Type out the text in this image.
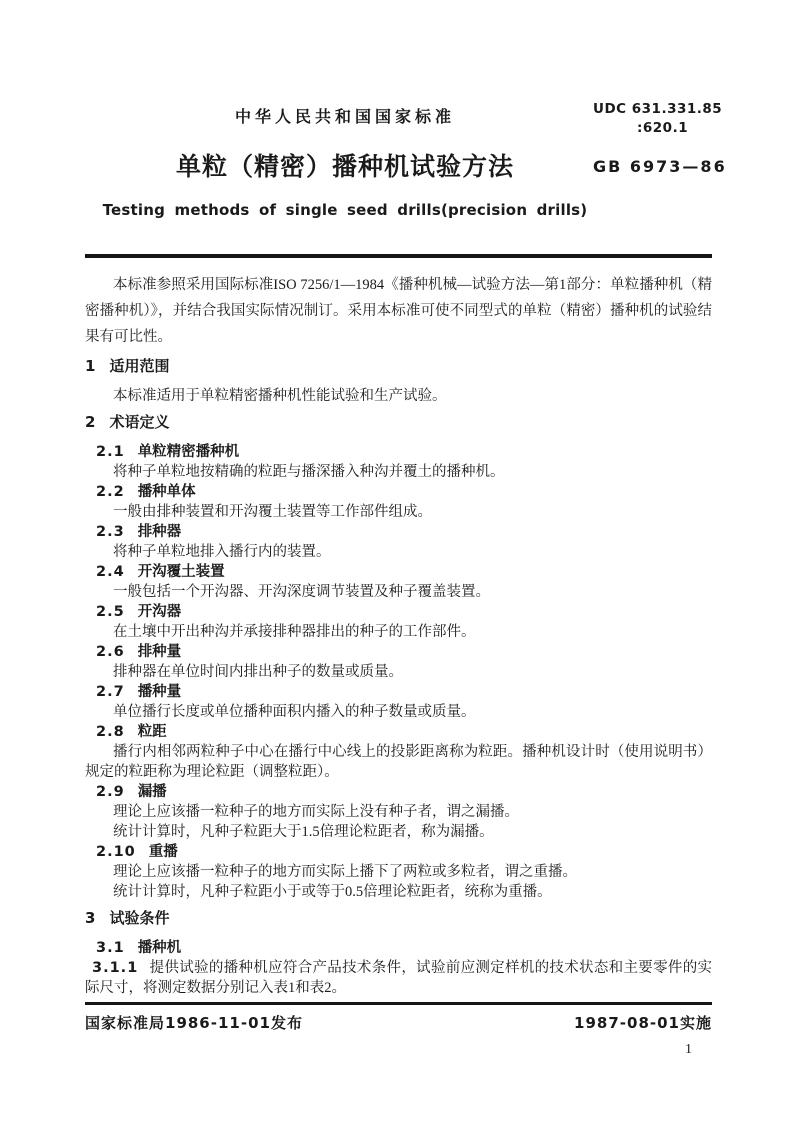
中华人民共和国国家标准	UDC 631.331.85
:620.1
单粒（精密）播种机试验方法	GB 6973—86
Testing methods of single seed drills(precision drills)

本标准参照采用国际标准ISO 7256/1—1984《播种机械—试验方法—第1部分：单粒播种机（精密播种机）》，并结合我国实际情况制订。采用本标准可使不同型式的单粒（精密）播种机的试验结果有可比性。

1 适用范围

本标准适用于单粒精密播种机性能试验和生产试验。

2 术语定义
2.1 单粒精密播种机

将种子单粒地按精确的粒距与播深播入种沟并覆土的播种机。

2.2 播种单体

一般由排种装置和开沟覆土装置等工作部件组成。

2.3 排种器

将种子单粒地排入播行内的装置。

2.4 开沟覆土装置

一般包括一个开沟器、开沟深度调节装置及种子覆盖装置。

2.5 开沟器

在土壤中开出种沟并承接排种器排出的种子的工作部件。

2.6 排种量

排种器在单位时间内排出种子的数量或质量。

2.7 播种量

单位播行长度或单位播种面积内播入的种子数量或质量。

2.8 粒距

播行内相邻两粒种子中心在播行中心线上的投影距离称为粒距。播种机设计时（使用说明书）规定的粒距称为理论粒距（调整粒距）。

2.9 漏播

理论上应该播一粒种子的地方而实际上没有种子者，谓之漏播。

统计计算时，凡种子粒距大于1.5倍理论粒距者，称为漏播。

2.10 重播

理论上应该播一粒种子的地方而实际上播下了两粒或多粒者，谓之重播。

统计计算时，凡种子粒距小于或等于0.5倍理论粒距者，统称为重播。

3 试验条件
3.1 播种机

3.1.1 提供试验的播种机应符合产品技术条件，试验前应测定样机的技术状态和主要零件的实际尺寸，将测定数据分别记入表1和表2。

国家标准局1986-11-01发布	1987-08-01实施
1
